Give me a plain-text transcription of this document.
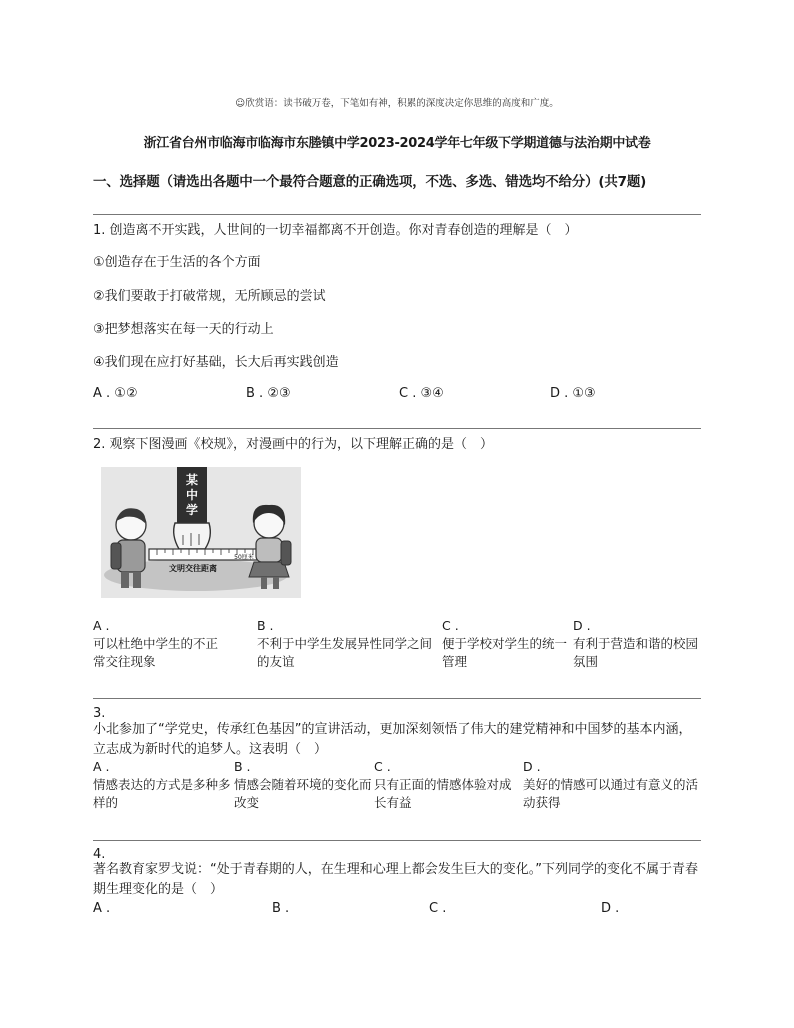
☺欣赏语：读书破万卷，下笔如有神，积累的深度决定你思维的高度和广度。
浙江省台州市临海市临海市东塍镇中学2023-2024学年七年级下学期道德与法治期中试卷
一、选择题（请选出各题中一个最符合题意的正确选项，不选、多选、错选均不给分）(共7题)
1. 创造离不开实践，人世间的一切幸福都离不开创造。你对青春创造的理解是（　）
①创造存在于生活的各个方面
②我们要敢于打破常规，无所顾忌的尝试
③把梦想落实在每一天的行动上
④我们现在应打好基础，长大后再实践创造
A . ①②	B . ②③	C . ③④	D . ①③
2. 观察下图漫画《校规》，对漫画中的行为，以下理解正确的是（　）
某中学
50厘米
文明交往距离
A .
可以杜绝中学生的不正常交往现象
B .
不利于中学生发展异性同学之间的友谊
C .
便于学校对学生的统一管理
D .
有利于营造和谐的校园氛围
3.
小北参加了“学党史，传承红色基因”的宣讲活动，更加深刻领悟了伟大的建党精神和中国梦的基本内涵，立志成为新时代的追梦人。这表明（　）
A .
情感表达的方式是多种多样的
B .
情感会随着环境的变化而改变
C .
只有正面的情感体验对成长有益
D .
美好的情感可以通过有意义的活动获得
4.
著名教育家罗戈说：“处于青春期的人，在生理和心理上都会发生巨大的变化。”下列同学的变化不属于青春期生理变化的是（　）
A .	B .	C .	D .
